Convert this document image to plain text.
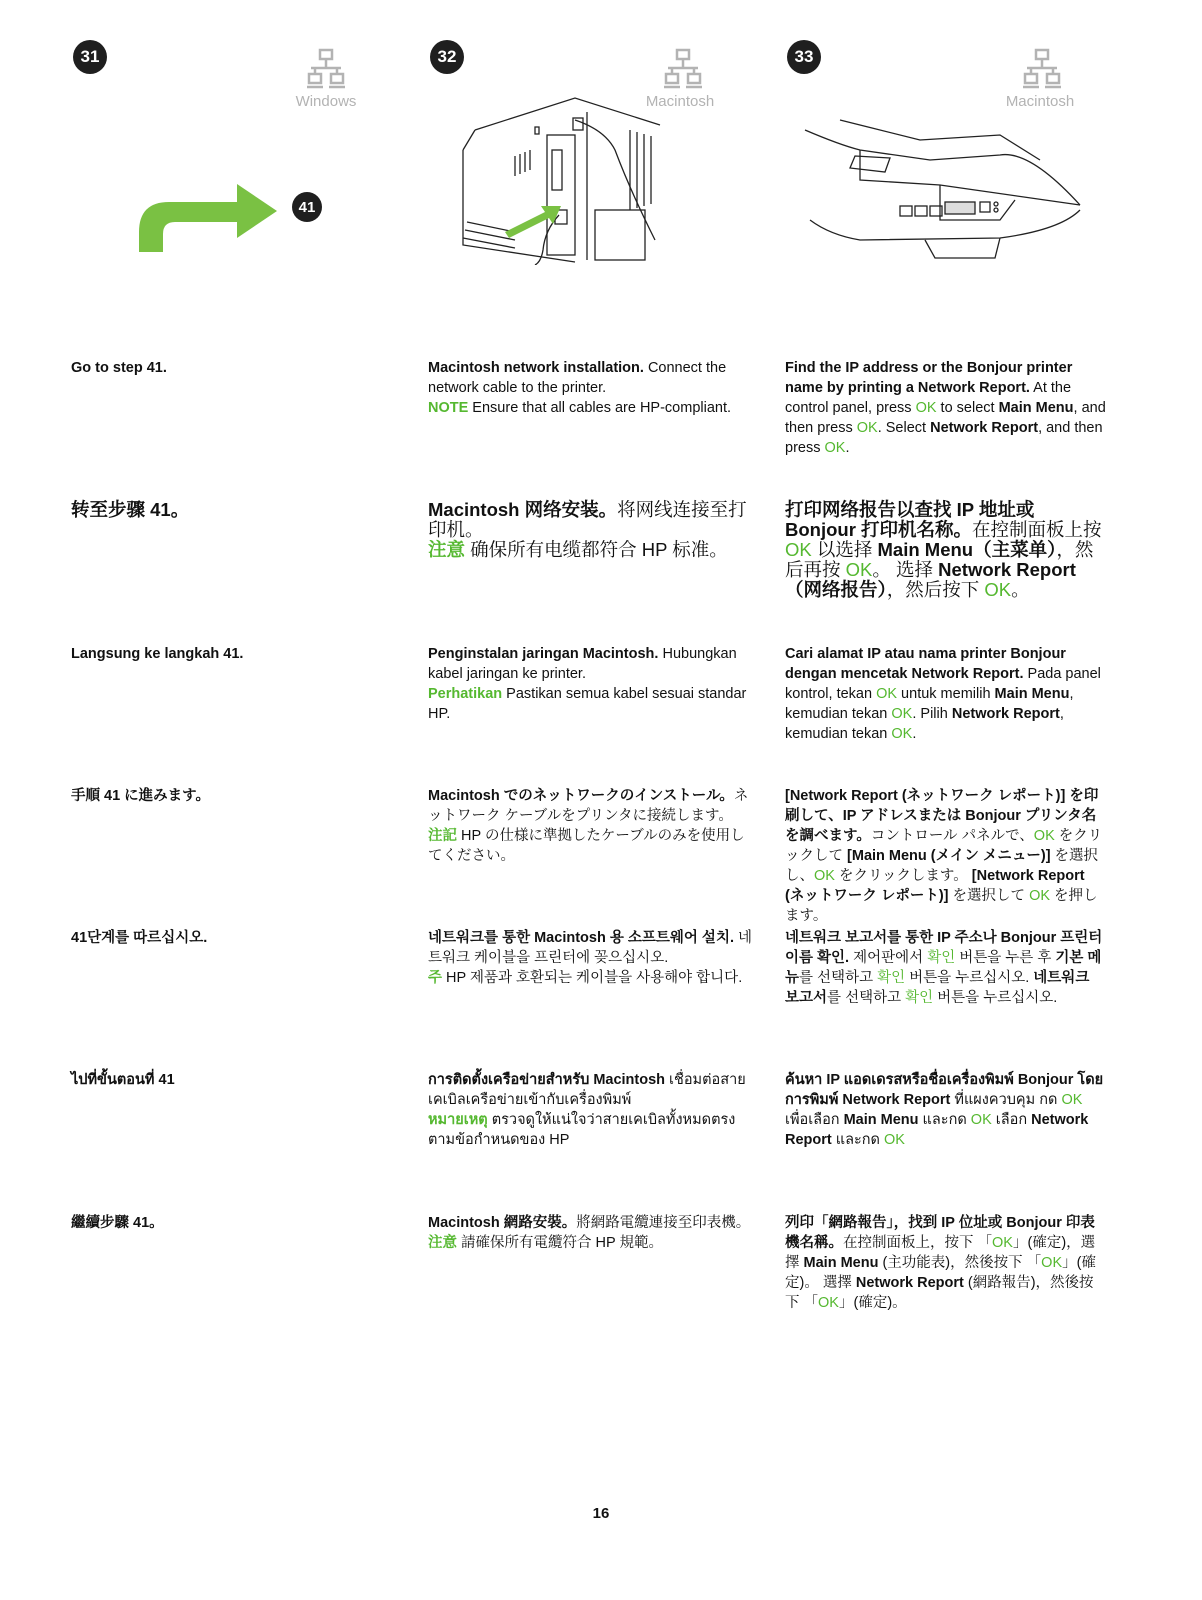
31
Windows
32
Macintosh
33
Macintosh
41

Go to step 41.	Macintosh network installation. Connect the network cable to the printer.

NOTE Ensure that all cables are HP-compliant.

Find the IP address or the Bonjour printer name by printing a Network Report. At the control panel, press OK to select Main Menu, and then press OK. Select Network Report, and then press OK.

转至步骤 41。	Macintosh 网络安装。将网线连接至打印机。

注意 确保所有电缆都符合 HP 标准。

打印网络报告以查找 IP 地址或 Bonjour 打印机名称。在控制面板上按 OK 以选择 Main Menu（主菜单），然后再按 OK。 选择 Network Report（网络报告），然后按下 OK。

Langsung ke langkah 41.	Penginstalan jaringan Macintosh. Hubungkan kabel jaringan ke printer.

Perhatikan Pastikan semua kabel sesuai standar HP.

Cari alamat IP atau nama printer Bonjour dengan mencetak Network Report. Pada panel kontrol, tekan OK untuk memilih Main Menu, kemudian tekan OK. Pilih Network Report, kemudian tekan OK.

手順 41 に進みます。	Macintosh でのネットワークのインストール。ネットワーク ケーブルをプリンタに接続します。

注記 HP の仕様に準拠したケーブルのみを使用してください。

[Network Report (ネットワーク レポート)] を印刷して、IP アドレスまたは Bonjour プリンタ名を調べます。コントロール パネルで、OK をクリックして [Main Menu (メイン メニュー)] を選択し、OK をクリックします。 [Network Report (ネットワーク レポート)] を選択して OK を押します。

41단계를 따르십시오.	네트워크를 통한 Macintosh 용 소프트웨어 설치. 네트워크 케이블을 프린터에 꽂으십시오.

주 HP 제품과 호환되는 케이블을 사용해야 합니다.

네트워크 보고서를 통한 IP 주소나 Bonjour 프린터 이름 확인. 제어판에서 확인 버튼을 누른 후 기본 메뉴를 선택하고 확인 버튼을 누르십시오. 네트워크 보고서를 선택하고 확인 버튼을 누르십시오.

ไปที่ขั้นตอนที่ 41	การติดตั้งเครือข่ายสำหรับ Macintosh เชื่อมต่อสายเคเบิลเครือข่ายเข้ากับเครื่องพิมพ์

หมายเหตุ ตรวจดูให้แน่ใจว่าสายเคเบิลทั้งหมดตรงตามข้อกำหนดของ HP

ค้นหา IP แอดเดรสหรือชื่อเครื่องพิมพ์ Bonjour โดยการพิมพ์ Network Report ที่แผงควบคุม กด OK เพื่อเลือก Main Menu และกด OK เลือก Network Report และกด OK

繼續步驟 41。	Macintosh 網路安裝。將網路電纜連接至印表機。

注意 請確保所有電纜符合 HP 規範。

列印「網路報告」，找到 IP 位址或 Bonjour 印表機名稱。在控制面板上，按下 「OK」(確定)，選擇 Main Menu (主功能表)，然後按下 「OK」(確定)。 選擇 Network Report (網路報告)，然後按下 「OK」(確定)。

16
